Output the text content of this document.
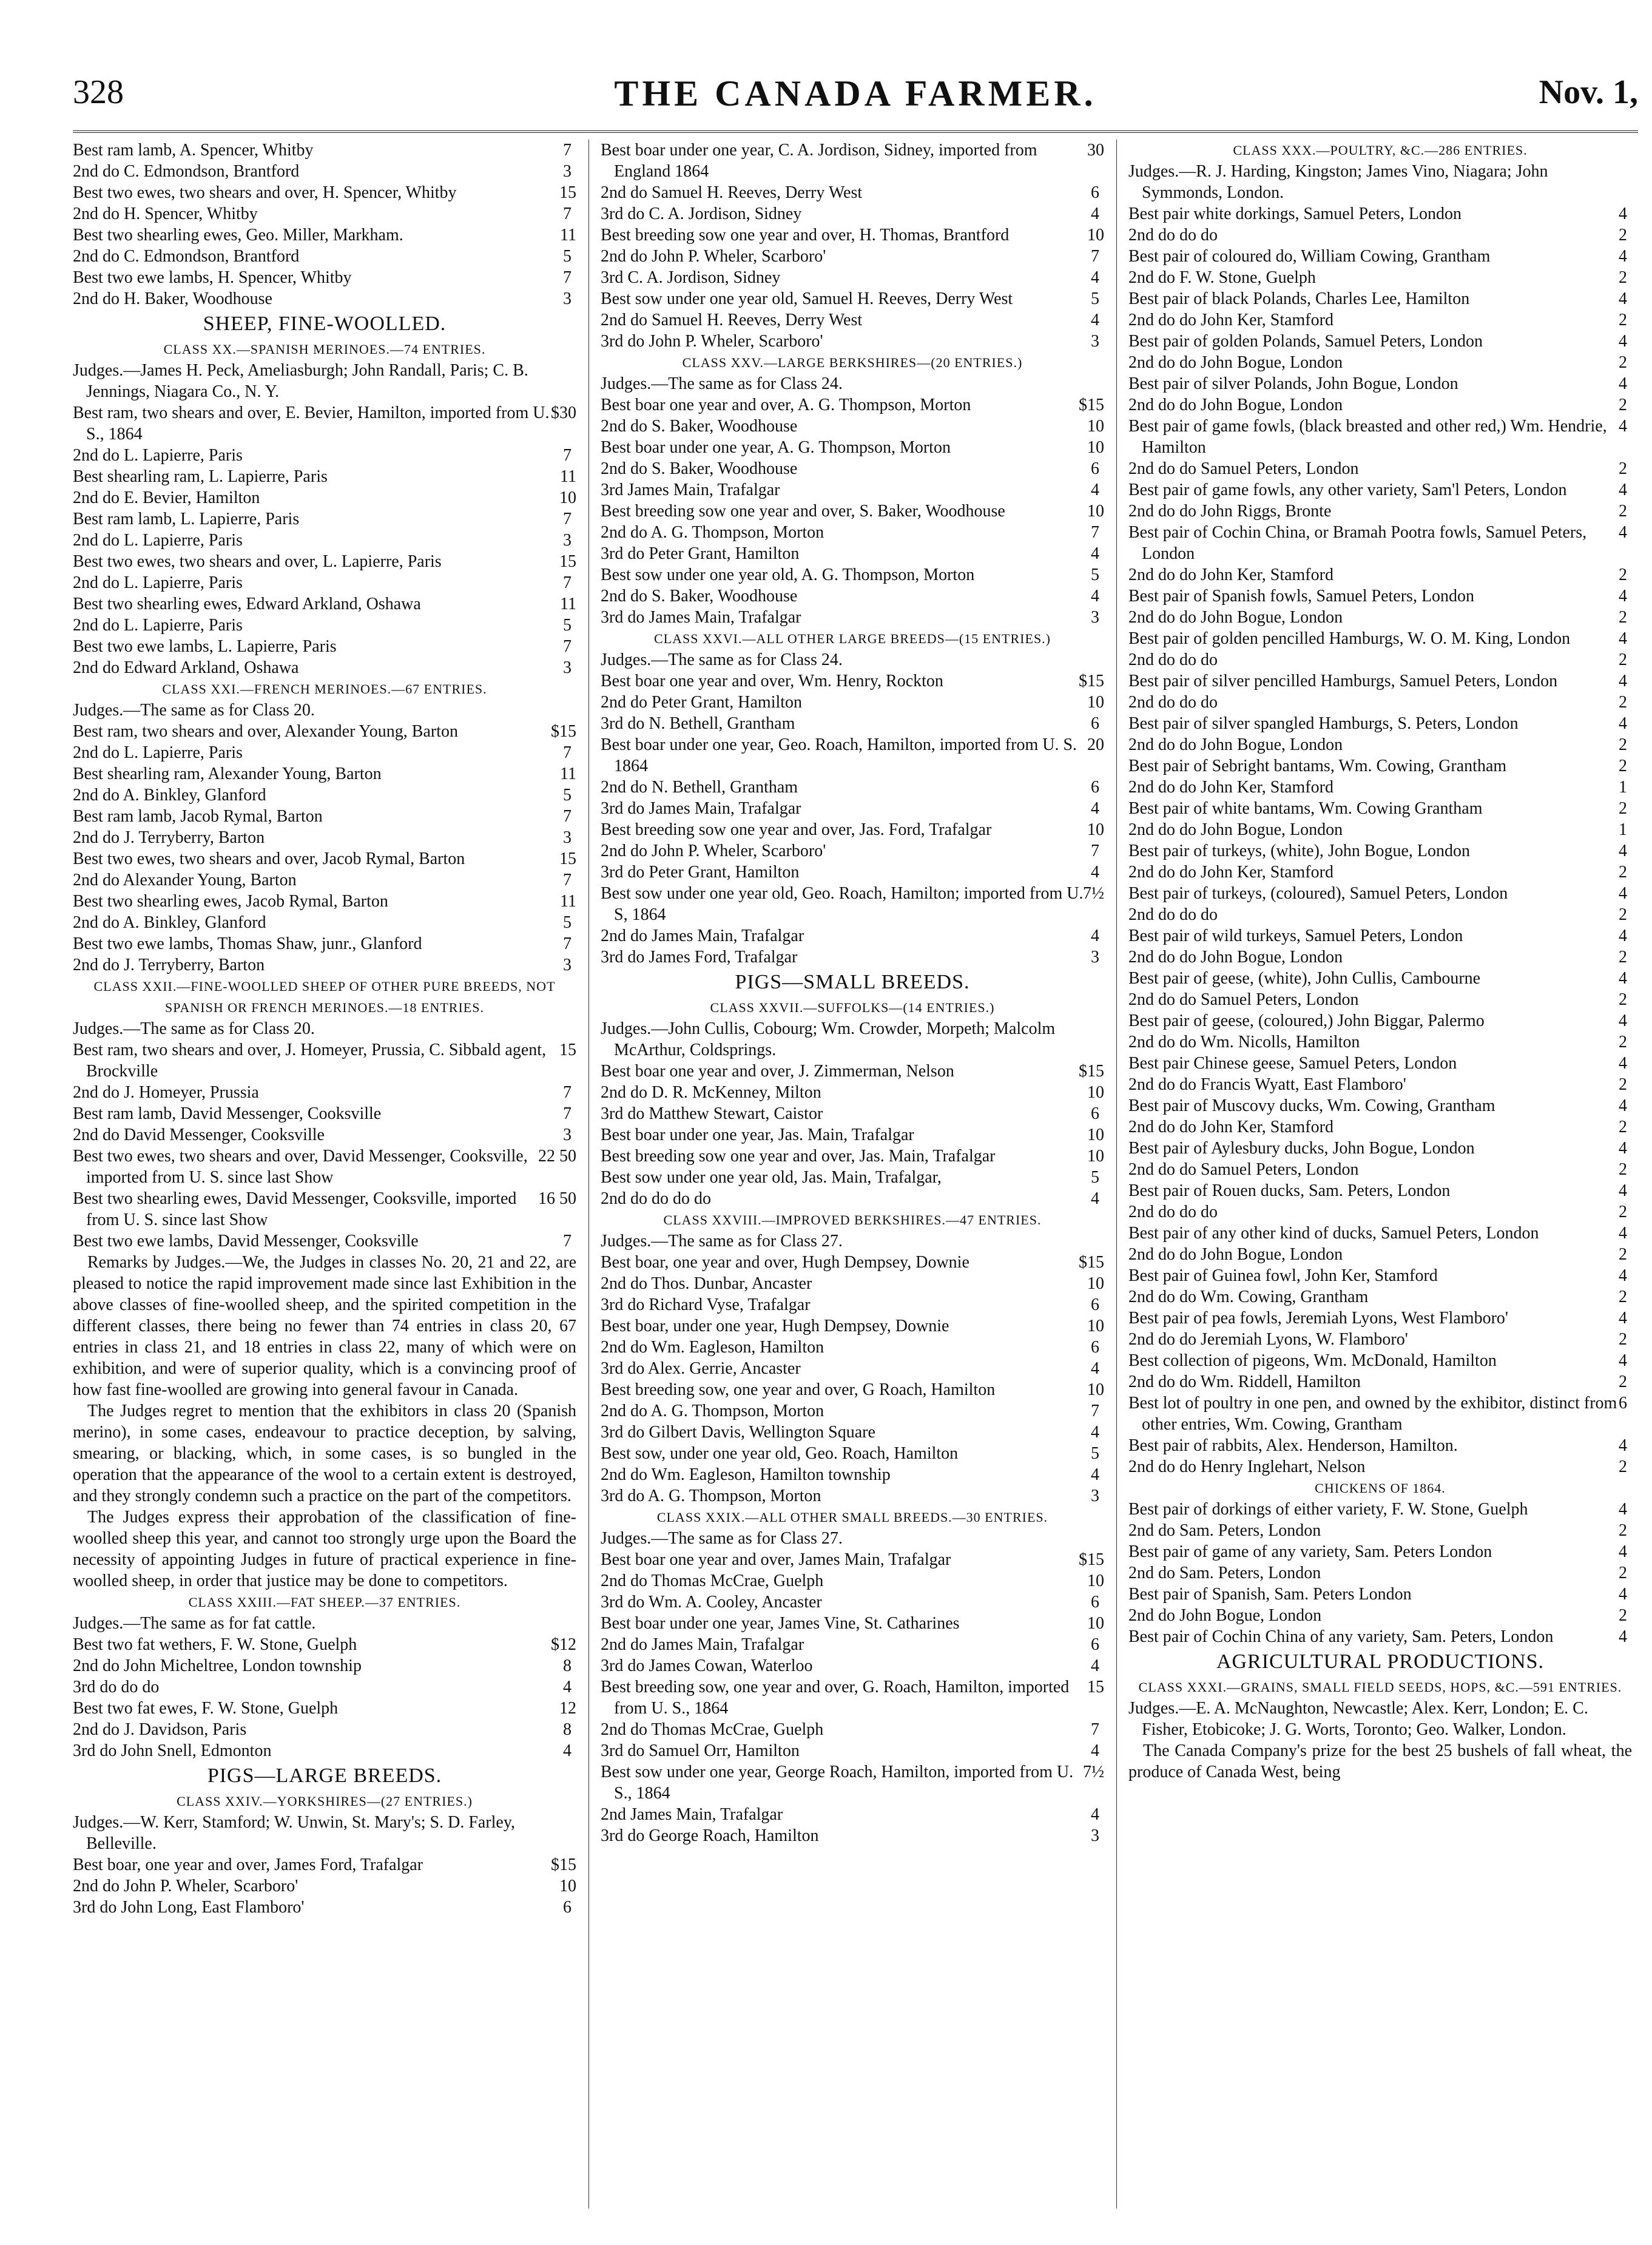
328	THE CANADA FARMER.	Nov. 1,
Best ram lamb, A. Spencer, Whitby	7
2nd do C. Edmondson, Brantford	3
Best two ewes, two shears and over, H. Spencer, Whitby	15
2nd do H. Spencer, Whitby	7
Best two shearling ewes, Geo. Miller, Markham.	11
2nd do C. Edmondson, Brantford	5
Best two ewe lambs, H. Spencer, Whitby	7
2nd do H. Baker, Woodhouse	3

SHEEP, FINE-WOOLLED.

CLASS XX.—SPANISH MERINOES.—74 ENTRIES.

Judges.—James H. Peck, Ameliasburgh; John Randall, Paris; C. B. Jennings, Niagara Co., N. Y.

Best ram, two shears and over, E. Bevier, Hamilton, imported from U. S., 1864
$30
2nd do L. Lapierre, Paris	7
Best shearling ram, L. Lapierre, Paris	11
2nd do E. Bevier, Hamilton	10
Best ram lamb, L. Lapierre, Paris	7
2nd do L. Lapierre, Paris	3
Best two ewes, two shears and over, L. Lapierre, Paris	15
2nd do L. Lapierre, Paris	7
Best two shearling ewes, Edward Arkland, Oshawa	11
2nd do L. Lapierre, Paris	5
Best two ewe lambs, L. Lapierre, Paris	7
2nd do Edward Arkland, Oshawa	3

CLASS XXI.—FRENCH MERINOES.—67 ENTRIES.

Judges.—The same as for Class 20.

Best ram, two shears and over, Alexander Young, Barton	$15
2nd do L. Lapierre, Paris	7
Best shearling ram, Alexander Young, Barton	11
2nd do A. Binkley, Glanford	5
Best ram lamb, Jacob Rymal, Barton	7
2nd do J. Terryberry, Barton	3
Best two ewes, two shears and over, Jacob Rymal, Barton	15
2nd do Alexander Young, Barton	7
Best two shearling ewes, Jacob Rymal, Barton	11
2nd do A. Binkley, Glanford	5
Best two ewe lambs, Thomas Shaw, junr., Glanford	7
2nd do J. Terryberry, Barton	3

CLASS XXII.—FINE-WOOLLED SHEEP OF OTHER PURE BREEDS, NOT SPANISH OR FRENCH MERINOES.—18 ENTRIES.

Judges.—The same as for Class 20.

Best ram, two shears and over, J. Homeyer, Prussia, C. Sibbald agent, Brockville
15
2nd do J. Homeyer, Prussia	7
Best ram lamb, David Messenger, Cooksville	7
2nd do David Messenger, Cooksville	3
Best two ewes, two shears and over, David Messenger, Cooksville, imported from U. S. since last Show
22 50
Best two shearling ewes, David Messenger, Cooksville, imported from U. S. since last Show
16 50
Best two ewe lambs, David Messenger, Cooksville	7

Remarks by Judges.—We, the Judges in classes No. 20, 21 and 22, are pleased to notice the rapid improvement made since last Exhibition in the above classes of fine-woolled sheep, and the spirited competition in the different classes, there being no fewer than 74 entries in class 20, 67 entries in class 21, and 18 entries in class 22, many of which were on exhibition, and were of superior quality, which is a convincing proof of how fast fine-woolled are growing into general favour in Canada.

The Judges regret to mention that the exhibitors in class 20 (Spanish merino), in some cases, endeavour to practice deception, by salving, smearing, or blacking, which, in some cases, is so bungled in the operation that the appearance of the wool to a certain extent is destroyed, and they strongly condemn such a practice on the part of the competitors.

The Judges express their approbation of the classification of fine-woolled sheep this year, and cannot too strongly urge upon the Board the necessity of appointing Judges in future of practical experience in fine-woolled sheep, in order that justice may be done to competitors.

CLASS XXIII.—FAT SHEEP.—37 ENTRIES.

Judges.—The same as for fat cattle.

Best two fat wethers, F. W. Stone, Guelph	$12
2nd do John Micheltree, London township	8
3rd do do do	4
Best two fat ewes, F. W. Stone, Guelph	12
2nd do J. Davidson, Paris	8
3rd do John Snell, Edmonton	4

PIGS—LARGE BREEDS.

CLASS XXIV.—YORKSHIRES—(27 ENTRIES.)

Judges.—W. Kerr, Stamford; W. Unwin, St. Mary's; S. D. Farley, Belleville.

Best boar, one year and over, James Ford, Trafalgar	$15
2nd do John P. Wheler, Scarboro'	10
3rd do John Long, East Flamboro'	6
Best boar under one year, C. A. Jordison, Sidney, imported from England 1864
30
2nd do Samuel H. Reeves, Derry West	6
3rd do C. A. Jordison, Sidney	4
Best breeding sow one year and over, H. Thomas, Brantford	10
2nd do John P. Wheler, Scarboro'	7
3rd C. A. Jordison, Sidney	4
Best sow under one year old, Samuel H. Reeves, Derry West	5
2nd do Samuel H. Reeves, Derry West	4
3rd do John P. Wheler, Scarboro'	3

CLASS XXV.—LARGE BERKSHIRES—(20 ENTRIES.)

Judges.—The same as for Class 24.

Best boar one year and over, A. G. Thompson, Morton	$15
2nd do S. Baker, Woodhouse	10
Best boar under one year, A. G. Thompson, Morton	10
2nd do S. Baker, Woodhouse	6
3rd James Main, Trafalgar	4
Best breeding sow one year and over, S. Baker, Woodhouse	10
2nd do A. G. Thompson, Morton	7
3rd do Peter Grant, Hamilton	4
Best sow under one year old, A. G. Thompson, Morton	5
2nd do S. Baker, Woodhouse	4
3rd do James Main, Trafalgar	3

CLASS XXVI.—ALL OTHER LARGE BREEDS—(15 ENTRIES.)

Judges.—The same as for Class 24.

Best boar one year and over, Wm. Henry, Rockton	$15
2nd do Peter Grant, Hamilton	10
3rd do N. Bethell, Grantham	6
Best boar under one year, Geo. Roach, Hamilton, imported from U. S. 1864
20
2nd do N. Bethell, Grantham	6
3rd do James Main, Trafalgar	4
Best breeding sow one year and over, Jas. Ford, Trafalgar	10
2nd do John P. Wheler, Scarboro'	7
3rd do Peter Grant, Hamilton	4
Best sow under one year old, Geo. Roach, Hamilton; imported from U. S, 1864
7½
2nd do James Main, Trafalgar	4
3rd do James Ford, Trafalgar	3

PIGS—SMALL BREEDS.

CLASS XXVII.—SUFFOLKS—(14 ENTRIES.)

Judges.—John Cullis, Cobourg; Wm. Crowder, Morpeth; Malcolm McArthur, Coldsprings.

Best boar one year and over, J. Zimmerman, Nelson	$15
2nd do D. R. McKenney, Milton	10
3rd do Matthew Stewart, Caistor	6
Best boar under one year, Jas. Main, Trafalgar	10
Best breeding sow one year and over, Jas. Main, Trafalgar	10
Best sow under one year old, Jas. Main, Trafalgar,	5
2nd do do do do	4

CLASS XXVIII.—IMPROVED BERKSHIRES.—47 ENTRIES.

Judges.—The same as for Class 27.

Best boar, one year and over, Hugh Dempsey, Downie	$15
2nd do Thos. Dunbar, Ancaster	10
3rd do Richard Vyse, Trafalgar	6
Best boar, under one year, Hugh Dempsey, Downie	10
2nd do Wm. Eagleson, Hamilton	6
3rd do Alex. Gerrie, Ancaster	4
Best breeding sow, one year and over, G Roach, Hamilton	10
2nd do A. G. Thompson, Morton	7
3rd do Gilbert Davis, Wellington Square	4
Best sow, under one year old, Geo. Roach, Hamilton	5
2nd do Wm. Eagleson, Hamilton township	4
3rd do A. G. Thompson, Morton	3

CLASS XXIX.—ALL OTHER SMALL BREEDS.—30 ENTRIES.

Judges.—The same as for Class 27.

Best boar one year and over, James Main, Trafalgar	$15
2nd do Thomas McCrae, Guelph	10
3rd do Wm. A. Cooley, Ancaster	6
Best boar under one year, James Vine, St. Catharines	10
2nd do James Main, Trafalgar	6
3rd do James Cowan, Waterloo	4
Best breeding sow, one year and over, G. Roach, Hamilton, imported from U. S., 1864
15
2nd do Thomas McCrae, Guelph	7
3rd do Samuel Orr, Hamilton	4
Best sow under one year, George Roach, Hamilton, imported from U. S., 1864
7½
2nd James Main, Trafalgar	4
3rd do George Roach, Hamilton	3

CLASS XXX.—POULTRY, &C.—286 ENTRIES.

Judges.—R. J. Harding, Kingston; James Vino, Niagara; John Symmonds, London.

Best pair white dorkings, Samuel Peters, London	4
2nd do do do	2
Best pair of coloured do, William Cowing, Grantham	4
2nd do F. W. Stone, Guelph	2
Best pair of black Polands, Charles Lee, Hamilton	4
2nd do do John Ker, Stamford	2
Best pair of golden Polands, Samuel Peters, London	4
2nd do do John Bogue, London	2
Best pair of silver Polands, John Bogue, London	4
2nd do do John Bogue, London	2
Best pair of game fowls, (black breasted and other red,) Wm. Hendrie, Hamilton
4
2nd do do Samuel Peters, London	2
Best pair of game fowls, any other variety, Sam'l Peters, London	4
2nd do do John Riggs, Bronte	2
Best pair of Cochin China, or Bramah Pootra fowls, Samuel Peters, London
4
2nd do do John Ker, Stamford	2
Best pair of Spanish fowls, Samuel Peters, London	4
2nd do do John Bogue, London	2
Best pair of golden pencilled Hamburgs, W. O. M. King, London	4
2nd do do do	2
Best pair of silver pencilled Hamburgs, Samuel Peters, London	4
2nd do do do	2
Best pair of silver spangled Hamburgs, S. Peters, London	4
2nd do do John Bogue, London	2
Best pair of Sebright bantams, Wm. Cowing, Grantham	2
2nd do do John Ker, Stamford	1
Best pair of white bantams, Wm. Cowing Grantham	2
2nd do do John Bogue, London	1
Best pair of turkeys, (white), John Bogue, London	4
2nd do do John Ker, Stamford	2
Best pair of turkeys, (coloured), Samuel Peters, London	4
2nd do do do	2
Best pair of wild turkeys, Samuel Peters, London	4
2nd do do John Bogue, London	2
Best pair of geese, (white), John Cullis, Cambourne	4
2nd do do Samuel Peters, London	2
Best pair of geese, (coloured,) John Biggar, Palermo	4
2nd do do Wm. Nicolls, Hamilton	2
Best pair Chinese geese, Samuel Peters, London	4
2nd do do Francis Wyatt, East Flamboro'	2
Best pair of Muscovy ducks, Wm. Cowing, Grantham	4
2nd do do John Ker, Stamford	2
Best pair of Aylesbury ducks, John Bogue, London	4
2nd do do Samuel Peters, London	2
Best pair of Rouen ducks, Sam. Peters, London	4
2nd do do do	2
Best pair of any other kind of ducks, Samuel Peters, London	4
2nd do do John Bogue, London	2
Best pair of Guinea fowl, John Ker, Stamford	4
2nd do do Wm. Cowing, Grantham	2
Best pair of pea fowls, Jeremiah Lyons, West Flamboro'	4
2nd do do Jeremiah Lyons, W. Flamboro'	2
Best collection of pigeons, Wm. McDonald, Hamilton	4
2nd do do Wm. Riddell, Hamilton	2
Best lot of poultry in one pen, and owned by the exhibitor, distinct from other entries, Wm. Cowing, Grantham
6
Best pair of rabbits, Alex. Henderson, Hamilton.	4
2nd do do Henry Inglehart, Nelson	2

CHICKENS OF 1864.

Best pair of dorkings of either variety, F. W. Stone, Guelph	4
2nd do Sam. Peters, London	2
Best pair of game of any variety, Sam. Peters London	4
2nd do Sam. Peters, London	2
Best pair of Spanish, Sam. Peters London	4
2nd do John Bogue, London	2
Best pair of Cochin China of any variety, Sam. Peters, London	4

AGRICULTURAL PRODUCTIONS.

CLASS XXXI.—GRAINS, SMALL FIELD SEEDS, HOPS, &C.—591 ENTRIES.

Judges.—E. A. McNaughton, Newcastle; Alex. Kerr, London; E. C. Fisher, Etobicoke; J. G. Worts, Toronto; Geo. Walker, London.

The Canada Company's prize for the best 25 bushels of fall wheat, the produce of Canada West, being
